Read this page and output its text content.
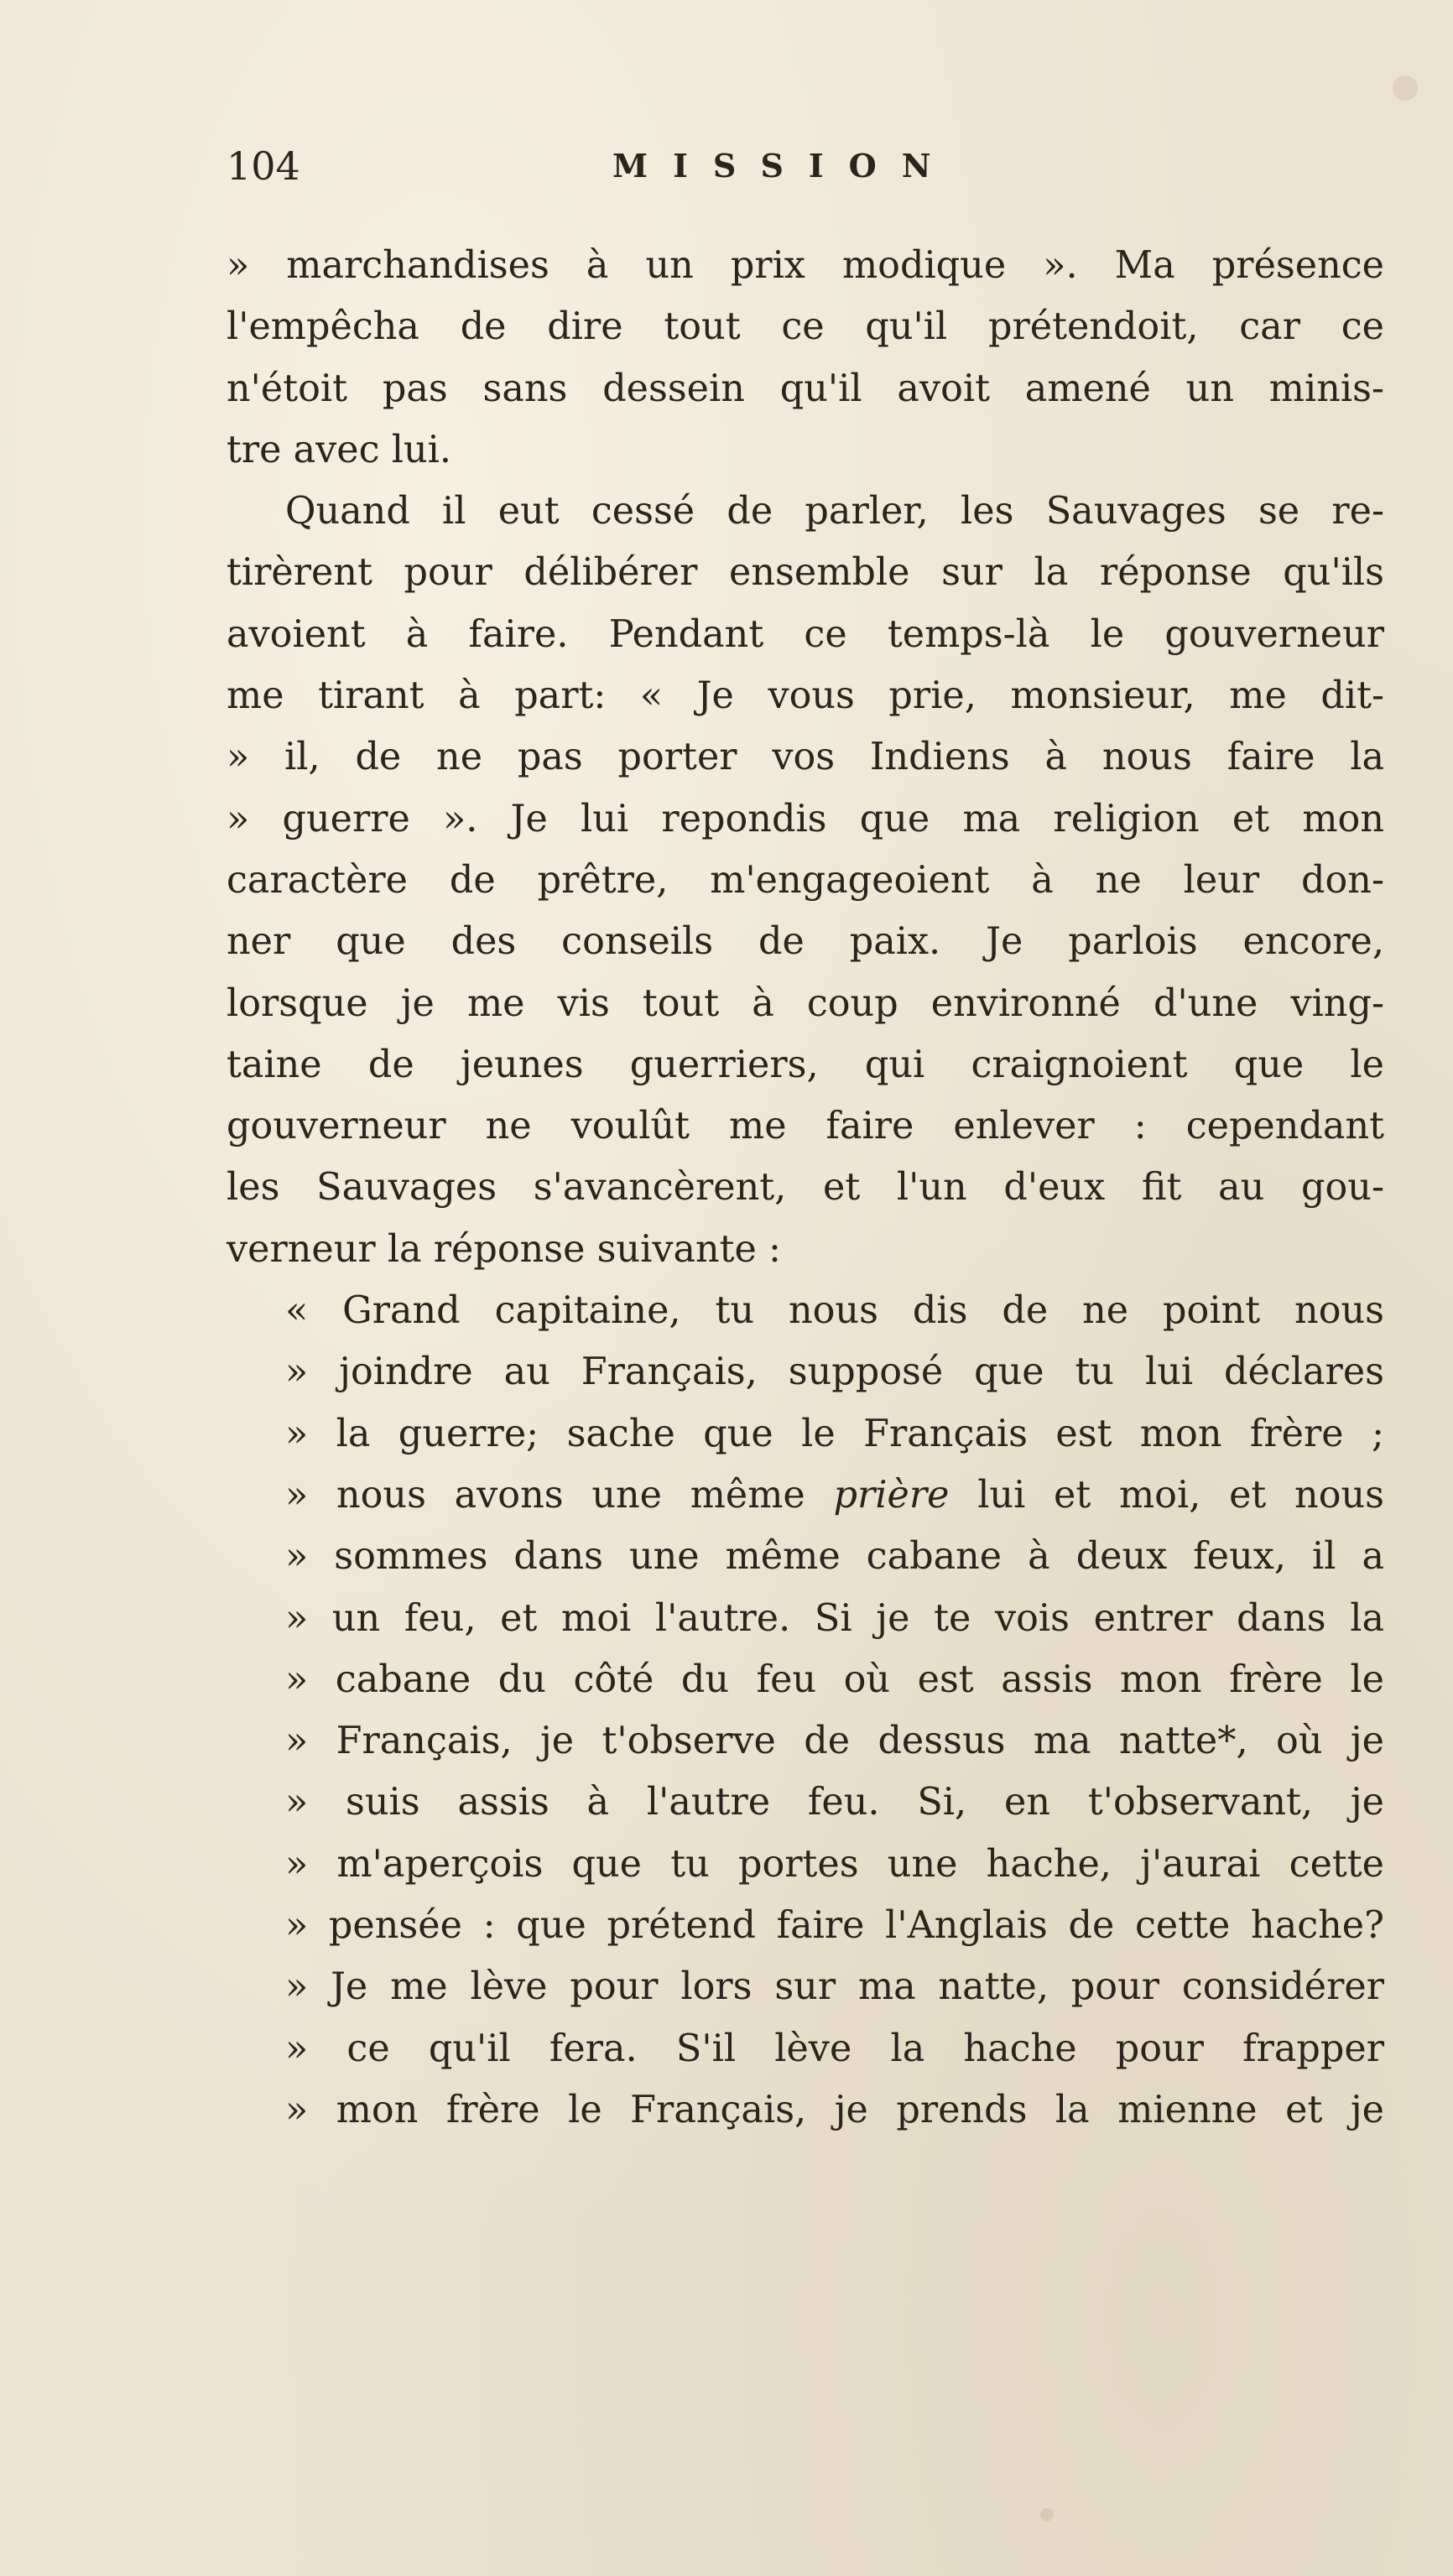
104	MISSION
» marchandises à un prix modique ». Ma présence
l'empêcha de dire tout ce qu'il prétendoit, car ce
n'étoit pas sans dessein qu'il avoit amené un minis-
tre avec lui.
Quand il eut cessé de parler, les Sauvages se re-
tirèrent pour délibérer ensemble sur la réponse qu'ils
avoient à faire. Pendant ce temps-là le gouverneur
me tirant à part: « Je vous prie, monsieur, me dit-
» il, de ne pas porter vos Indiens à nous faire la
» guerre ». Je lui repondis que ma religion et mon
caractère de prêtre, m'engageoient à ne leur don-
ner que des conseils de paix. Je parlois encore,
lorsque je me vis tout à coup environné d'une ving-
taine de jeunes guerriers, qui craignoient que le
gouverneur ne voulût me faire enlever : cependant
les Sauvages s'avancèrent, et l'un d'eux fit au gou-
verneur la réponse suivante :
« Grand capitaine, tu nous dis de ne point nous
» joindre au Français, supposé que tu lui déclares
» la guerre; sache que le Français est mon frère ;
» nous avons une même prière lui et moi, et nous
» sommes dans une même cabane à deux feux, il a
» un feu, et moi l'autre. Si je te vois entrer dans la
» cabane du côté du feu où est assis mon frère le
» Français, je t'observe de dessus ma natte*, où je
» suis assis à l'autre feu. Si, en t'observant, je
» m'aperçois que tu portes une hache, j'aurai cette
» pensée : que prétend faire l'Anglais de cette hache?
» Je me lève pour lors sur ma natte, pour considérer
» ce qu'il fera. S'il lève la hache pour frapper
» mon frère le Français, je prends la mienne et je
